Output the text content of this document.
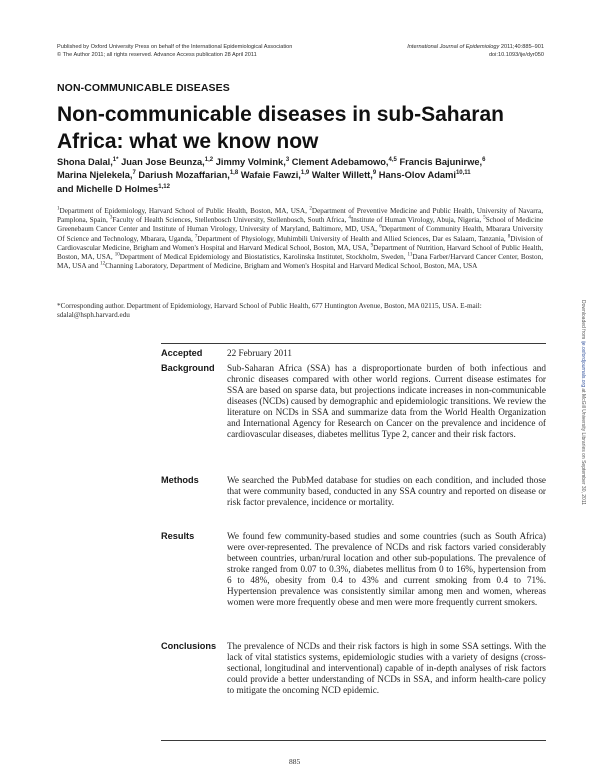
Published by Oxford University Press on behalf of the International Epidemiological Association
© The Author 2011; all rights reserved. Advance Access publication 28 April 2011
International Journal of Epidemiology 2011;40:885–901
doi:10.1093/ije/dyr050
NON-COMMUNICABLE DISEASES
Non-communicable diseases in sub-Saharan Africa: what we know now
Shona Dalal,$^{1*}$ Juan Jose Beunza,$^{1,2}$ Jimmy Volmink,$^3$ Clement Adebamowo,$^{4,5}$ Francis Bajunirwe,$^6$
Marina Njelekela,$^7$ Dariush Mozaffarian,$^{1,8}$ Wafaie Fawzi,$^{1,9}$ Walter Willett,$^9$ Hans-Olov Adami$^{10,11}$
and Michelle D Holmes$^{1,12}$
$^1$Department of Epidemiology, Harvard School of Public Health, Boston, MA, USA, $^2$Department of Preventive Medicine and Public Health, University of Navarra, Pamplona, Spain, $^3$Faculty of Health Sciences, Stellenbosch University, Stellenbosch, South Africa, $^4$Institute of Human Virology, Abuja, Nigeria, $^5$School of Medicine Greenebaum Cancer Center and Institute of Human Virology, University of Maryland, Baltimore, MD, USA, $^6$Department of Community Health, Mbarara University Of Science and Technology, Mbarara, Uganda, $^7$Department of Physiology, Muhimbili University of Health and Allied Sciences, Dar es Salaam, Tanzania, $^8$Division of Cardiovascular Medicine, Brigham and Women's Hospital and Harvard Medical School, Boston, MA, USA, $^9$Department of Nutrition, Harvard School of Public Health, Boston, MA, USA, $^{10}$Department of Medical Epidemiology and Biostatistics, Karolinska Institutet, Stockholm, Sweden, $^{11}$Dana Farber/Harvard Cancer Center, Boston, MA, USA and $^{12}$Channing Laboratory, Department of Medicine, Brigham and Women's Hospital and Harvard Medical School, Boston, MA, USA
*Corresponding author. Department of Epidemiology, Harvard School of Public Health, 677 Huntington Avenue, Boston, MA 02115, USA. E-mail: sdalal@hsph.harvard.edu	Downloaded from ije.oxfordjournals.org at McGill University Libraries on September 30, 2011
Accepted	22 February 2011
Background	Sub-Saharan Africa (SSA) has a disproportionate burden of both infectious and chronic diseases compared with other world regions. Current disease estimates for SSA are based on sparse data, but projections indicate increases in non-communicable diseases (NCDs) caused by demographic and epidemiologic transitions. We review the literature on NCDs in SSA and summarize data from the World Health Organization and International Agency for Research on Cancer on the prevalence and incidence of cardiovascular diseases, diabetes mellitus Type 2, cancer and their risk factors.
Methods	We searched the PubMed database for studies on each condition, and included those that were community based, conducted in any SSA country and reported on disease or risk factor prevalence, incidence or mortality.
Results	We found few community-based studies and some countries (such as South Africa) were over-represented. The prevalence of NCDs and risk factors varied considerably between countries, urban/rural location and other sub-populations. The prevalence of stroke ranged from 0.07 to 0.3%, diabetes mellitus from 0 to 16%, hypertension from 6 to 48%, obesity from 0.4 to 43% and current smoking from 0.4 to 71%. Hypertension prevalence was consistently similar among men and women, whereas women were more frequently obese and men were more frequently current smokers.
Conclusions	The prevalence of NCDs and their risk factors is high in some SSA settings. With the lack of vital statistics systems, epidemiologic studies with a variety of designs (cross-sectional, longitudinal and interventional) capable of in-depth analyses of risk factors could provide a better understanding of NCDs in SSA, and inform health-care policy to mitigate the oncoming NCD epidemic.
885
